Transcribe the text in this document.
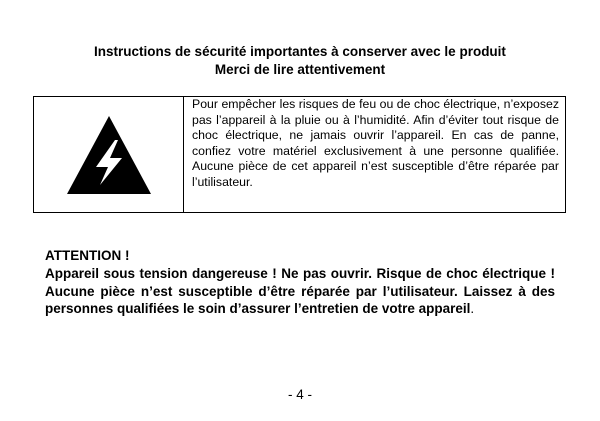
Instructions de sécurité importantes à conserver avec le produit
Merci de lire attentivement
Pour empêcher les risques de feu ou de choc électrique, n’exposez pas l’appareil à la pluie ou à l’humidité. Afin d’éviter tout risque de choc électrique, ne jamais ouvrir l’appareil. En cas de panne, confiez votre matériel exclusivement à une personne qualifiée. Aucune pièce de cet appareil n’est susceptible d’être réparée par l’utilisateur.
ATTENTION !
Appareil sous tension dangereuse ! Ne pas ouvrir. Risque de choc électrique ! Aucune pièce n’est susceptible d’être réparée par l’utilisateur. Laissez à des personnes qualifiées le soin d’assurer l’entretien de votre appareil.
- 4 -
